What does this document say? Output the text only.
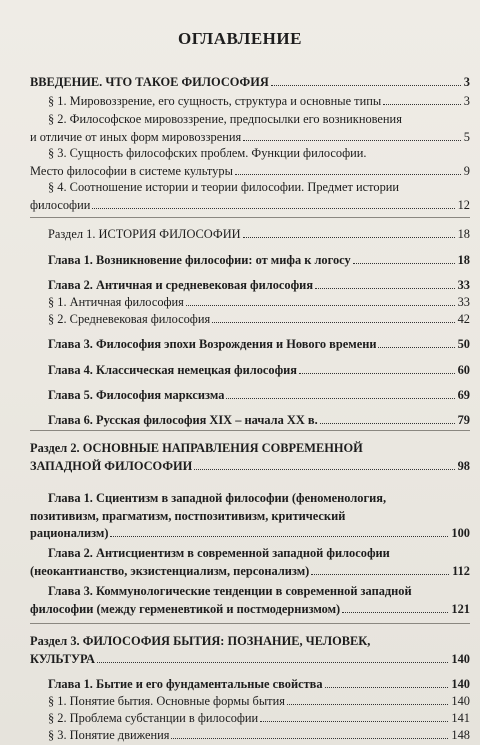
ОГЛАВЛЕНИЕ
ВВЕДЕНИЕ. ЧТО ТАКОЕ ФИЛОСОФИЯ	3
§ 1. Мировоззрение, его сущность, структура и основные типы	3
§ 2. Философское мировоззрение, предпосылки его возникновения
и отличие от иных форм мировоззрения	5
§ 3. Сущность философских проблем. Функции философии.
Место философии в системе культуры	9
§ 4. Соотношение истории и теории философии. Предмет истории
философии	12
Раздел 1. ИСТОРИЯ ФИЛОСОФИИ	18
Глава 1. Возникновение философии: от мифа к логосу	18
Глава 2. Античная и средневековая философия	33
§ 1. Античная философия	33
§ 2. Средневековая философия	42
Глава 3. Философия эпохи Возрождения и Нового времени	50
Глава 4. Классическая немецкая философия	60
Глава 5. Философия марксизма	69
Глава 6. Русская философия XIX – начала XX в.	79
Раздел 2. ОСНОВНЫЕ НАПРАВЛЕНИЯ СОВРЕМЕННОЙ
ЗАПАДНОЙ ФИЛОСОФИИ	98
Глава 1. Сциентизм в западной философии (феноменология,
позитивизм, прагматизм, постпозитивизм, критический
рационализм)	100
Глава 2. Антисциентизм в современной западной философии
(неокантианство, экзистенциализм, персонализм)	112
Глава 3. Коммунологические тенденции в современной западной
философии (между герменевтикой и постмодернизмом)	121
Раздел 3. ФИЛОСОФИЯ БЫТИЯ: ПОЗНАНИЕ, ЧЕЛОВЕК,
КУЛЬТУРА	140
Глава 1. Бытие и его фундаментальные свойства	140
§ 1. Понятие бытия. Основные формы бытия	140
§ 2. Проблема субстанции в философии	141
§ 3. Понятие движения	148
